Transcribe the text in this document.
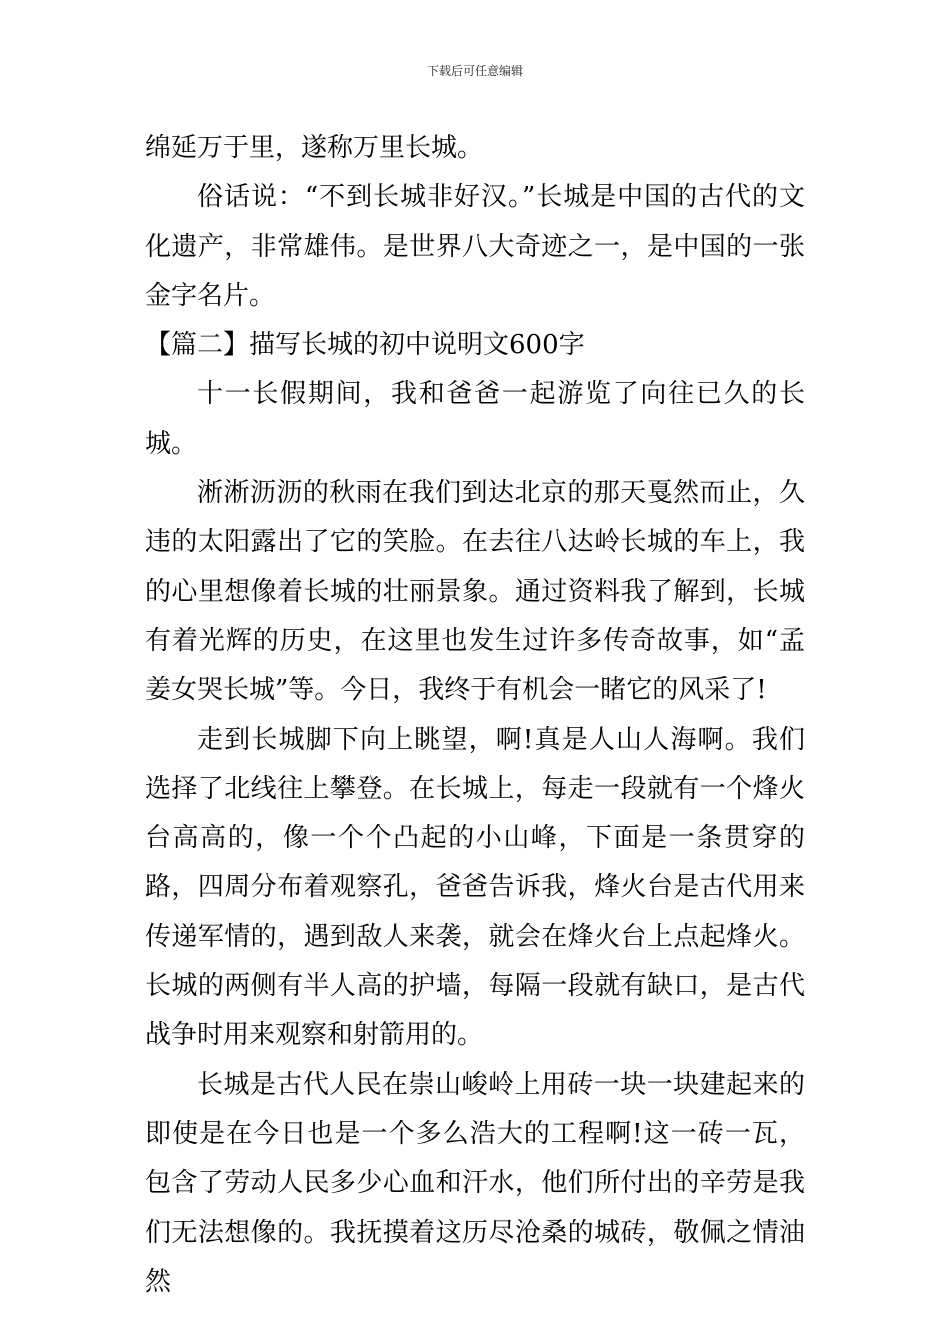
下载后可任意编辑

绵延万于里，遂称万里长城。

俗话说：“不到长城非好汉。”长城是中国的古代的文化遗产，非常雄伟。是世界八大奇迹之一，是中国的一张金字名片。

【篇二】描写长城的初中说明文600字

十一长假期间，我和爸爸一起游览了向往已久的长城。

淅淅沥沥的秋雨在我们到达北京的那天戛然而止，久违的太阳露出了它的笑脸。在去往八达岭长城的车上，我的心里想像着长城的壮丽景象。通过资料我了解到，长城有着光辉的历史，在这里也发生过许多传奇故事，如“孟姜女哭长城”等。今日，我终于有机会一睹它的风采了!

走到长城脚下向上眺望，啊!真是人山人海啊。我们选择了北线往上攀登。在长城上，每走一段就有一个烽火台高高的，像一个个凸起的小山峰，下面是一条贯穿的路，四周分布着观察孔，爸爸告诉我，烽火台是古代用来传递军情的，遇到敌人来袭，就会在烽火台上点起烽火。长城的两侧有半人高的护墙，每隔一段就有缺口，是古代战争时用来观察和射箭用的。

长城是古代人民在崇山峻岭上用砖一块一块建起来的即使是在今日也是一个多么浩大的工程啊!这一砖一瓦，包含了劳动人民多少心血和汗水，他们所付出的辛劳是我们无法想像的。我抚摸着这历尽沧桑的城砖，敬佩之情油然
